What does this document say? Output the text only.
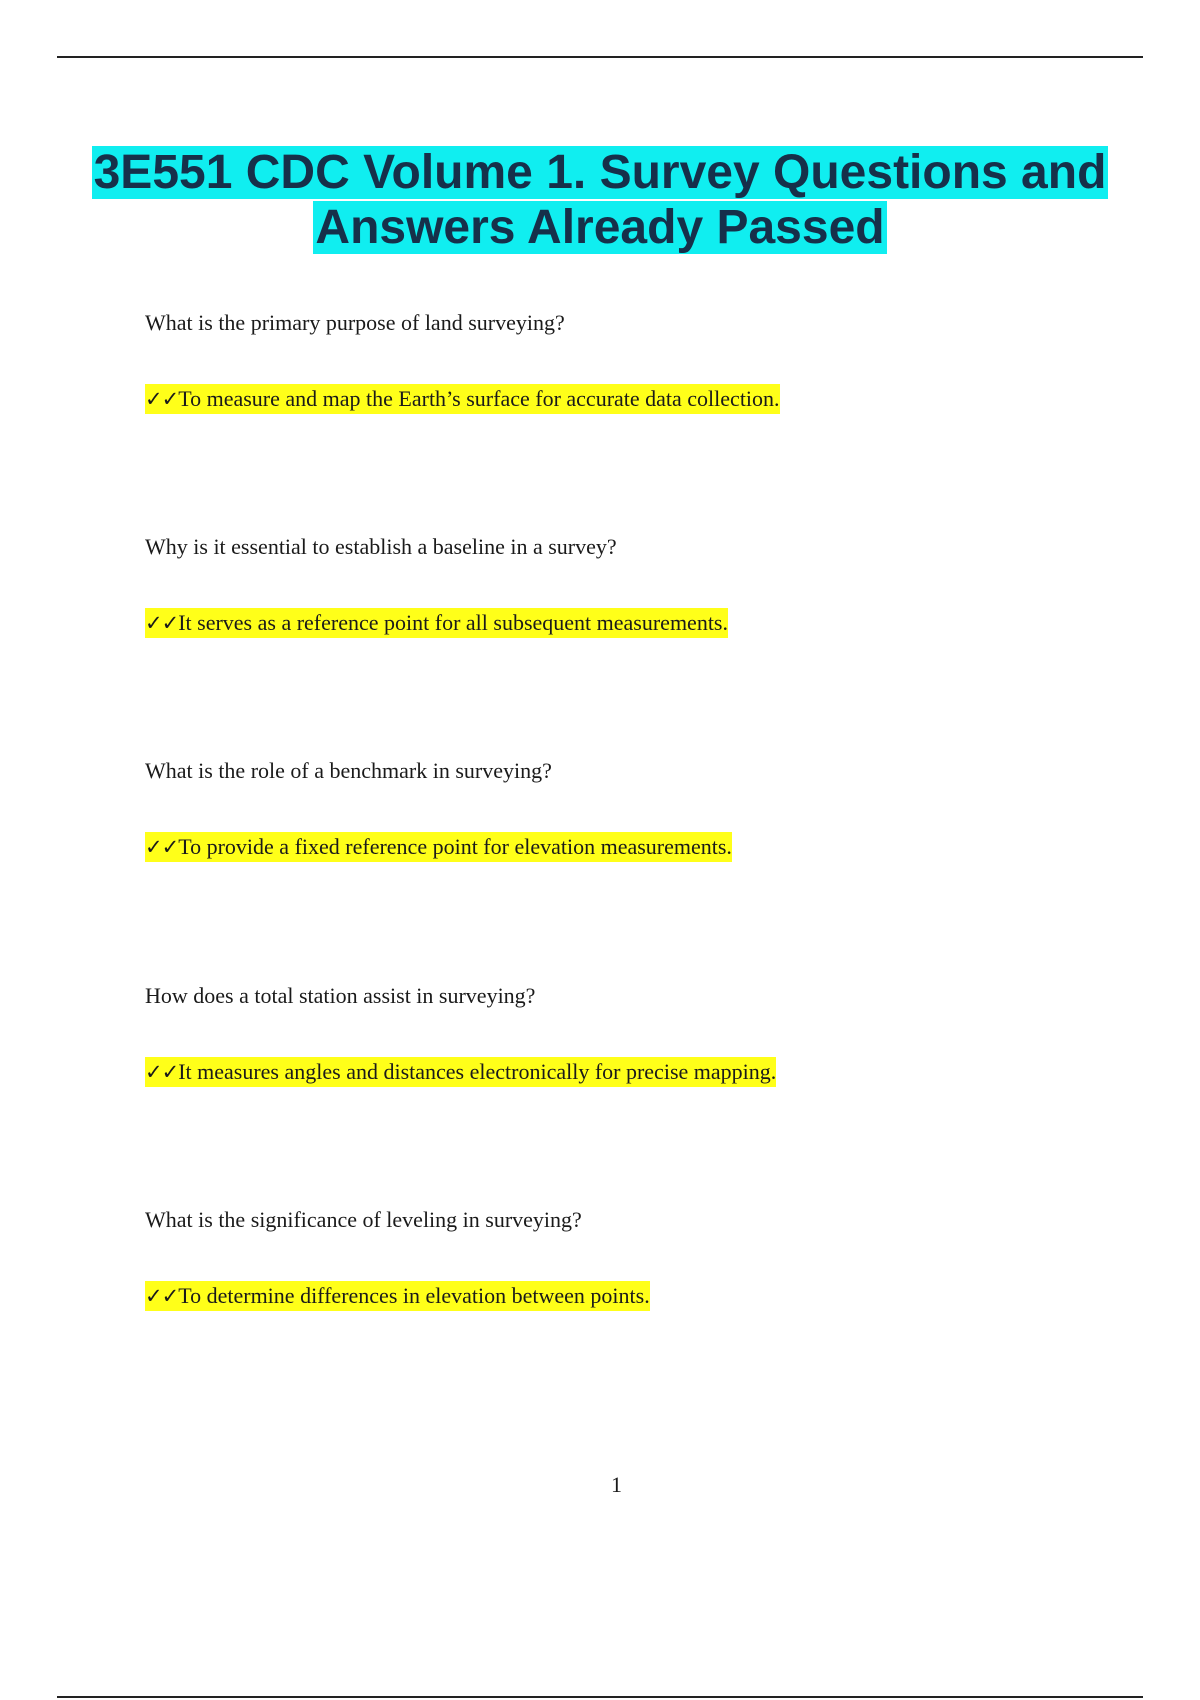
3E551 CDC Volume 1. Survey Questions and Answers Already Passed
What is the primary purpose of land surveying?
✓✓To measure and map the Earth’s surface for accurate data collection.
Why is it essential to establish a baseline in a survey?
✓✓It serves as a reference point for all subsequent measurements.
What is the role of a benchmark in surveying?
✓✓To provide a fixed reference point for elevation measurements.
How does a total station assist in surveying?
✓✓It measures angles and distances electronically for precise mapping.
What is the significance of leveling in surveying?
✓✓To determine differences in elevation between points.
1
